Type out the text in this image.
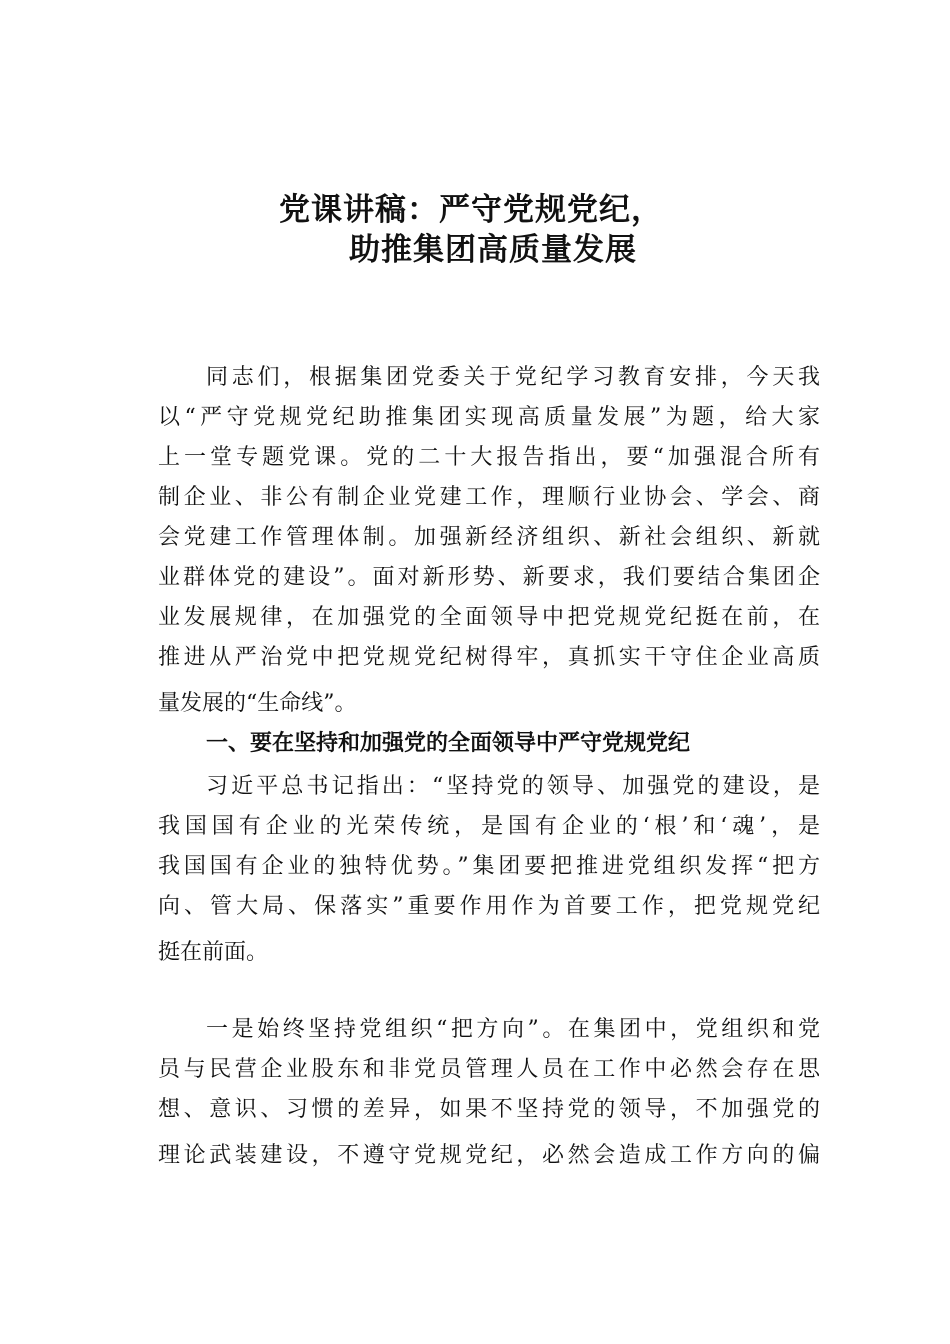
党课讲稿：严守党规党纪，
助推集团高质量发展
同志们，根据集团党委关于党纪学习教育安排，今天我
以“严守党规党纪助推集团实现高质量发展”为题，给大家
上一堂专题党课。党的二十大报告指出，要“加强混合所有
制企业、非公有制企业党建工作，理顺行业协会、学会、商
会党建工作管理体制。加强新经济组织、新社会组织、新就
业群体党的建设”。面对新形势、新要求，我们要结合集团企
业发展规律，在加强党的全面领导中把党规党纪挺在前，在
推进从严治党中把党规党纪树得牢，真抓实干守住企业高质
量发展的“生命线”。
一、要在坚持和加强党的全面领导中严守党规党纪
习近平总书记指出：“坚持党的领导、加强党的建设，是
我国国有企业的光荣传统，是国有企业的‘根’和‘魂’，是
我国国有企业的独特优势。”集团要把推进党组织发挥“把方
向、管大局、保落实”重要作用作为首要工作，把党规党纪
挺在前面。
一是始终坚持党组织“把方向”。在集团中，党组织和党
员与民营企业股东和非党员管理人员在工作中必然会存在思
想、意识、习惯的差异，如果不坚持党的领导，不加强党的
理论武装建设，不遵守党规党纪，必然会造成工作方向的偏
